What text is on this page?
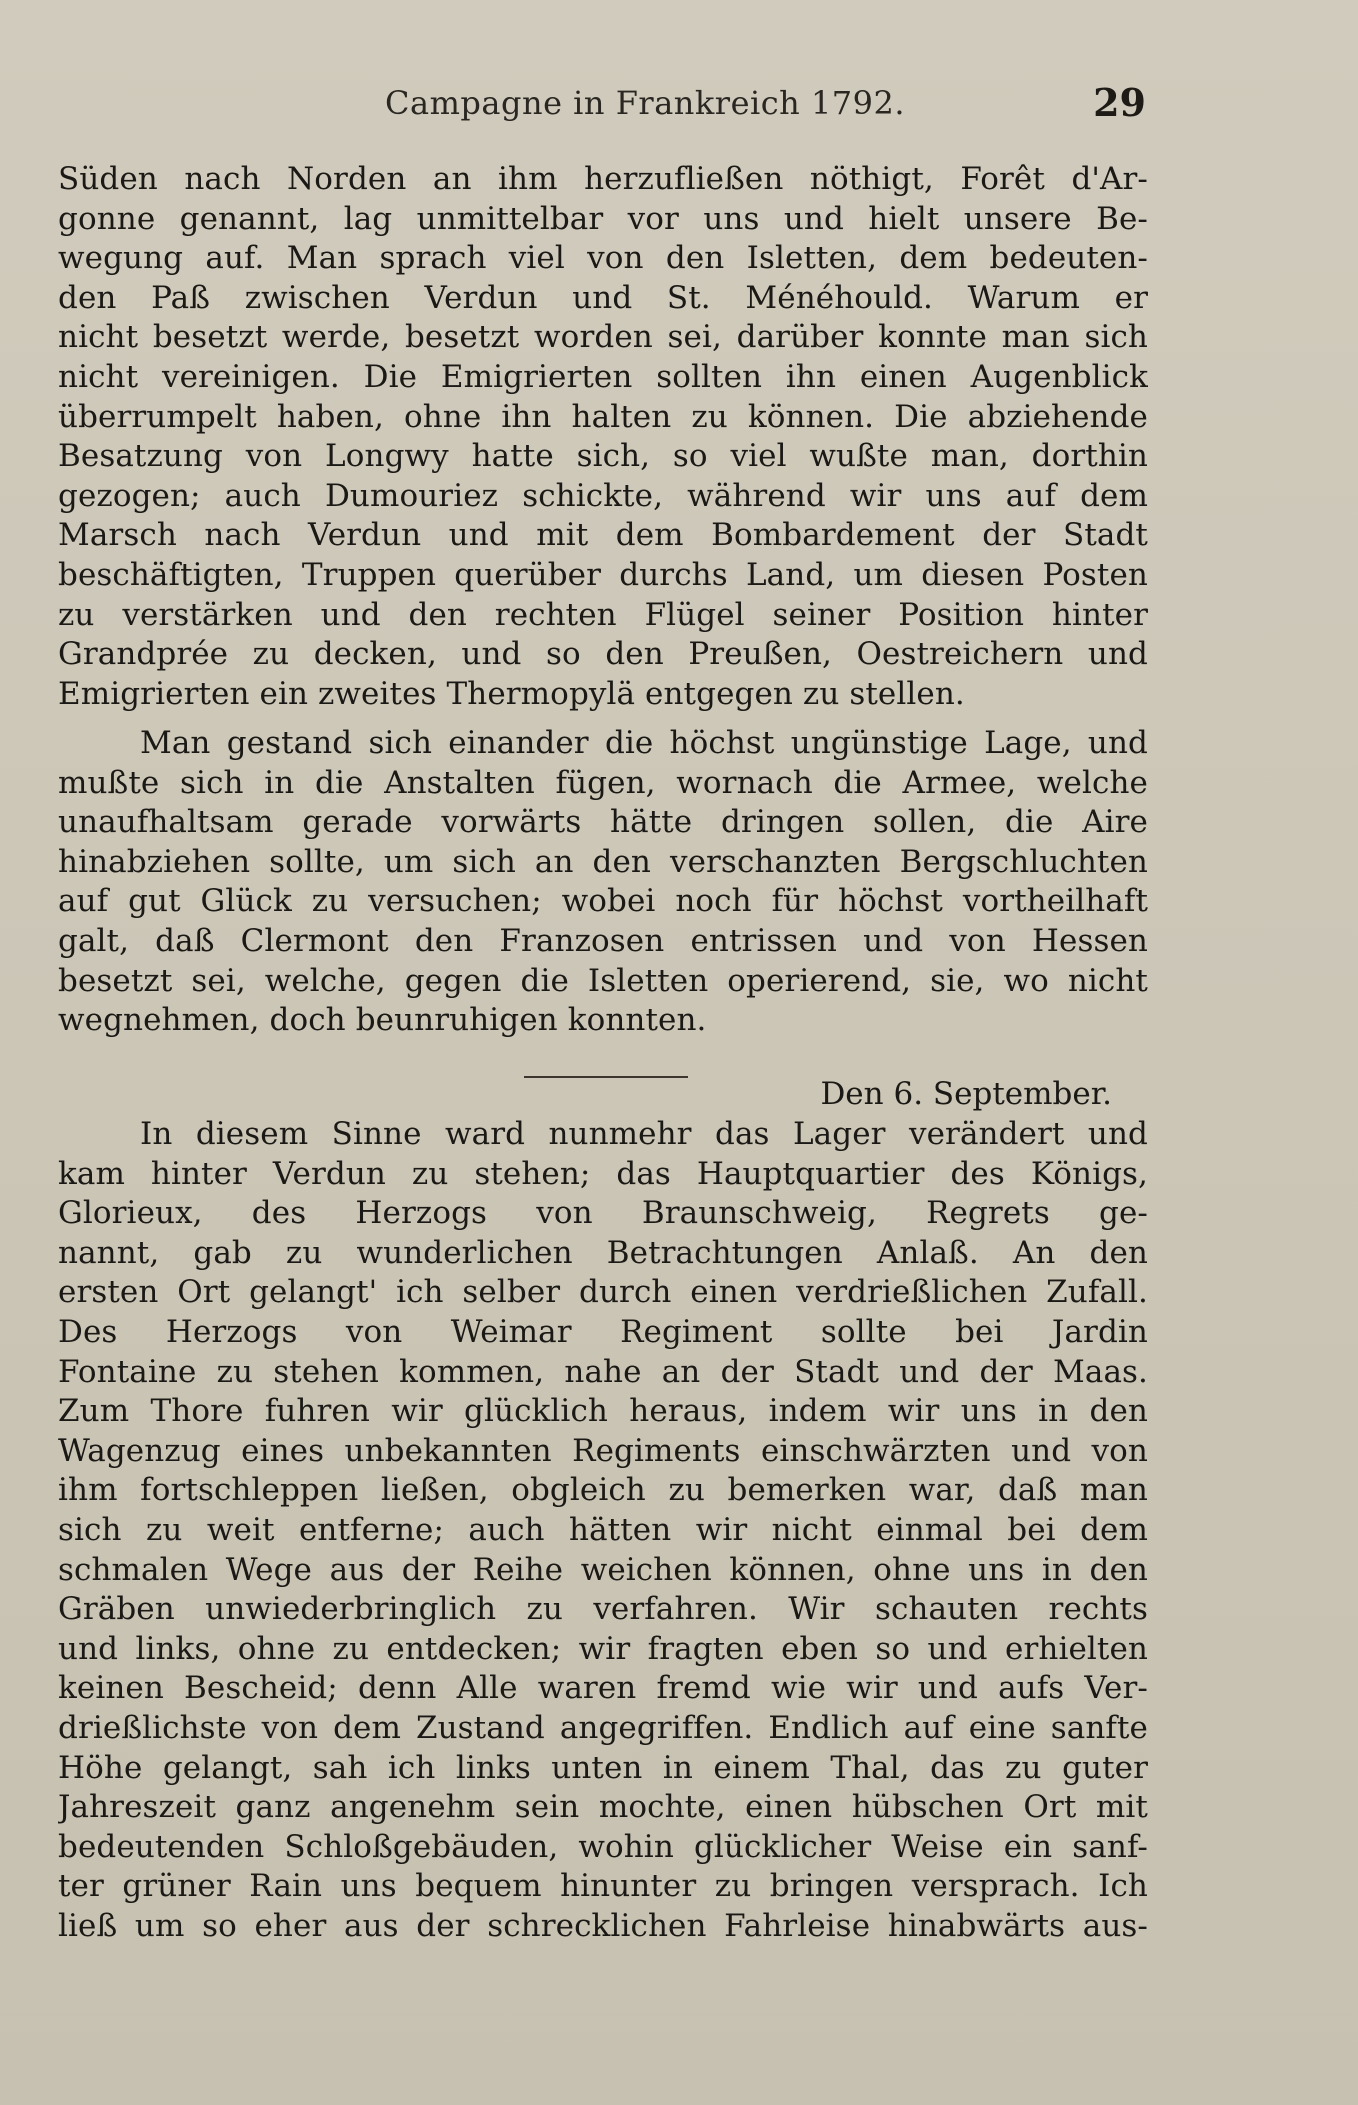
Campagne in Frankreich 1792.	29
Süden nach Norden an ihm herzufließen nöthigt, Forêt d'Ar-
gonne genannt, lag unmittelbar vor uns und hielt unsere Be-
wegung auf. Man sprach viel von den Isletten, dem bedeuten-
den Paß zwischen Verdun und St. Ménéhould. Warum er
nicht besetzt werde, besetzt worden sei, darüber konnte man sich
nicht vereinigen. Die Emigrierten sollten ihn einen Augenblick
überrumpelt haben, ohne ihn halten zu können. Die abziehende
Besatzung von Longwy hatte sich, so viel wußte man, dorthin
gezogen; auch Dumouriez schickte, während wir uns auf dem
Marsch nach Verdun und mit dem Bombardement der Stadt
beschäftigten, Truppen querüber durchs Land, um diesen Posten
zu verstärken und den rechten Flügel seiner Position hinter
Grandprée zu decken, und so den Preußen, Oestreichern und
Emigrierten ein zweites Thermopylä entgegen zu stellen.
Man gestand sich einander die höchst ungünstige Lage, und
mußte sich in die Anstalten fügen, wornach die Armee, welche
unaufhaltsam gerade vorwärts hätte dringen sollen, die Aire
hinabziehen sollte, um sich an den verschanzten Bergschluchten
auf gut Glück zu versuchen; wobei noch für höchst vortheilhaft
galt, daß Clermont den Franzosen entrissen und von Hessen
besetzt sei, welche, gegen die Isletten operierend, sie, wo nicht
wegnehmen, doch beunruhigen konnten.
Den 6. September.
In diesem Sinne ward nunmehr das Lager verändert und
kam hinter Verdun zu stehen; das Hauptquartier des Königs,
Glorieux, des Herzogs von Braunschweig, Regrets ge-
nannt, gab zu wunderlichen Betrachtungen Anlaß. An den
ersten Ort gelangt' ich selber durch einen verdrießlichen Zufall.
Des Herzogs von Weimar Regiment sollte bei Jardin
Fontaine zu stehen kommen, nahe an der Stadt und der Maas.
Zum Thore fuhren wir glücklich heraus, indem wir uns in den
Wagenzug eines unbekannten Regiments einschwärzten und von
ihm fortschleppen ließen, obgleich zu bemerken war, daß man
sich zu weit entferne; auch hätten wir nicht einmal bei dem
schmalen Wege aus der Reihe weichen können, ohne uns in den
Gräben unwiederbringlich zu verfahren. Wir schauten rechts
und links, ohne zu entdecken; wir fragten eben so und erhielten
keinen Bescheid; denn Alle waren fremd wie wir und aufs Ver-
drießlichste von dem Zustand angegriffen. Endlich auf eine sanfte
Höhe gelangt, sah ich links unten in einem Thal, das zu guter
Jahreszeit ganz angenehm sein mochte, einen hübschen Ort mit
bedeutenden Schloßgebäuden, wohin glücklicher Weise ein sanf-
ter grüner Rain uns bequem hinunter zu bringen versprach. Ich
ließ um so eher aus der schrecklichen Fahrleise hinabwärts aus-
